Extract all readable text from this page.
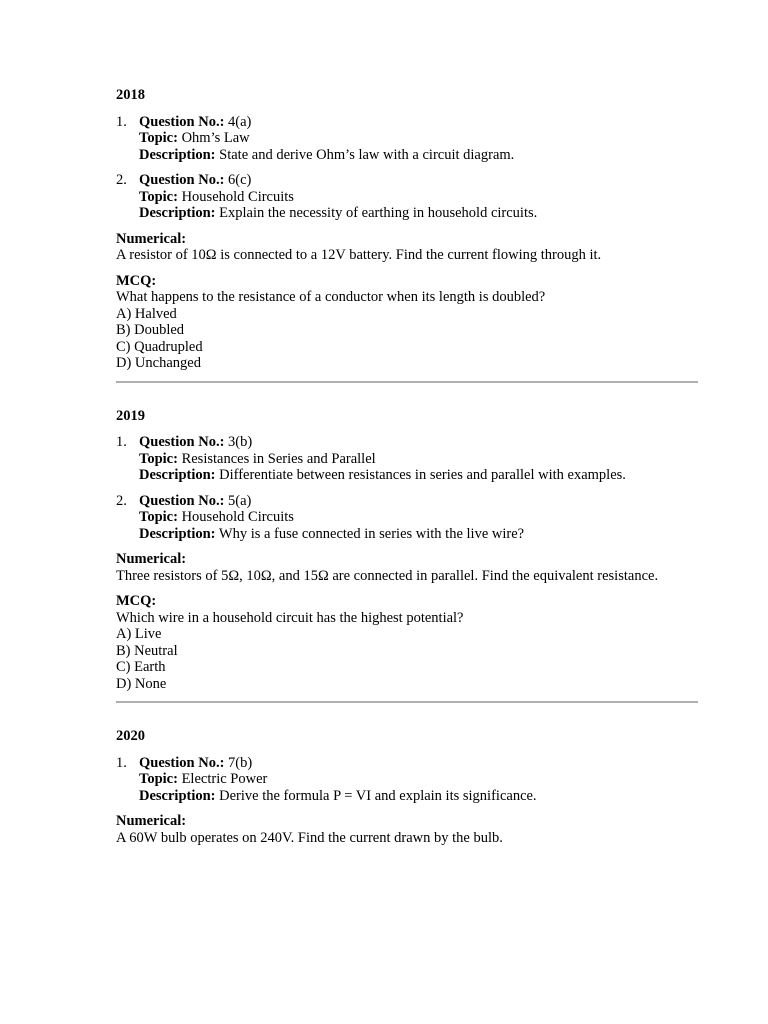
2018
1. Question No.: 4(a)
Topic: Ohm’s Law
Description: State and derive Ohm’s law with a circuit diagram.
2. Question No.: 6(c)
Topic: Household Circuits
Description: Explain the necessity of earthing in household circuits.
Numerical:
A resistor of 10Ω is connected to a 12V battery. Find the current flowing through it.
MCQ:
What happens to the resistance of a conductor when its length is doubled?
A) Halved
B) Doubled
C) Quadrupled
D) Unchanged
2019
1. Question No.: 3(b)
Topic: Resistances in Series and Parallel
Description: Differentiate between resistances in series and parallel with examples.
2. Question No.: 5(a)
Topic: Household Circuits
Description: Why is a fuse connected in series with the live wire?
Numerical:
Three resistors of 5Ω, 10Ω, and 15Ω are connected in parallel. Find the equivalent resistance.
MCQ:
Which wire in a household circuit has the highest potential?
A) Live
B) Neutral
C) Earth
D) None
2020
1. Question No.: 7(b)
Topic: Electric Power
Description: Derive the formula P = VI and explain its significance.
Numerical:
A 60W bulb operates on 240V. Find the current drawn by the bulb.
